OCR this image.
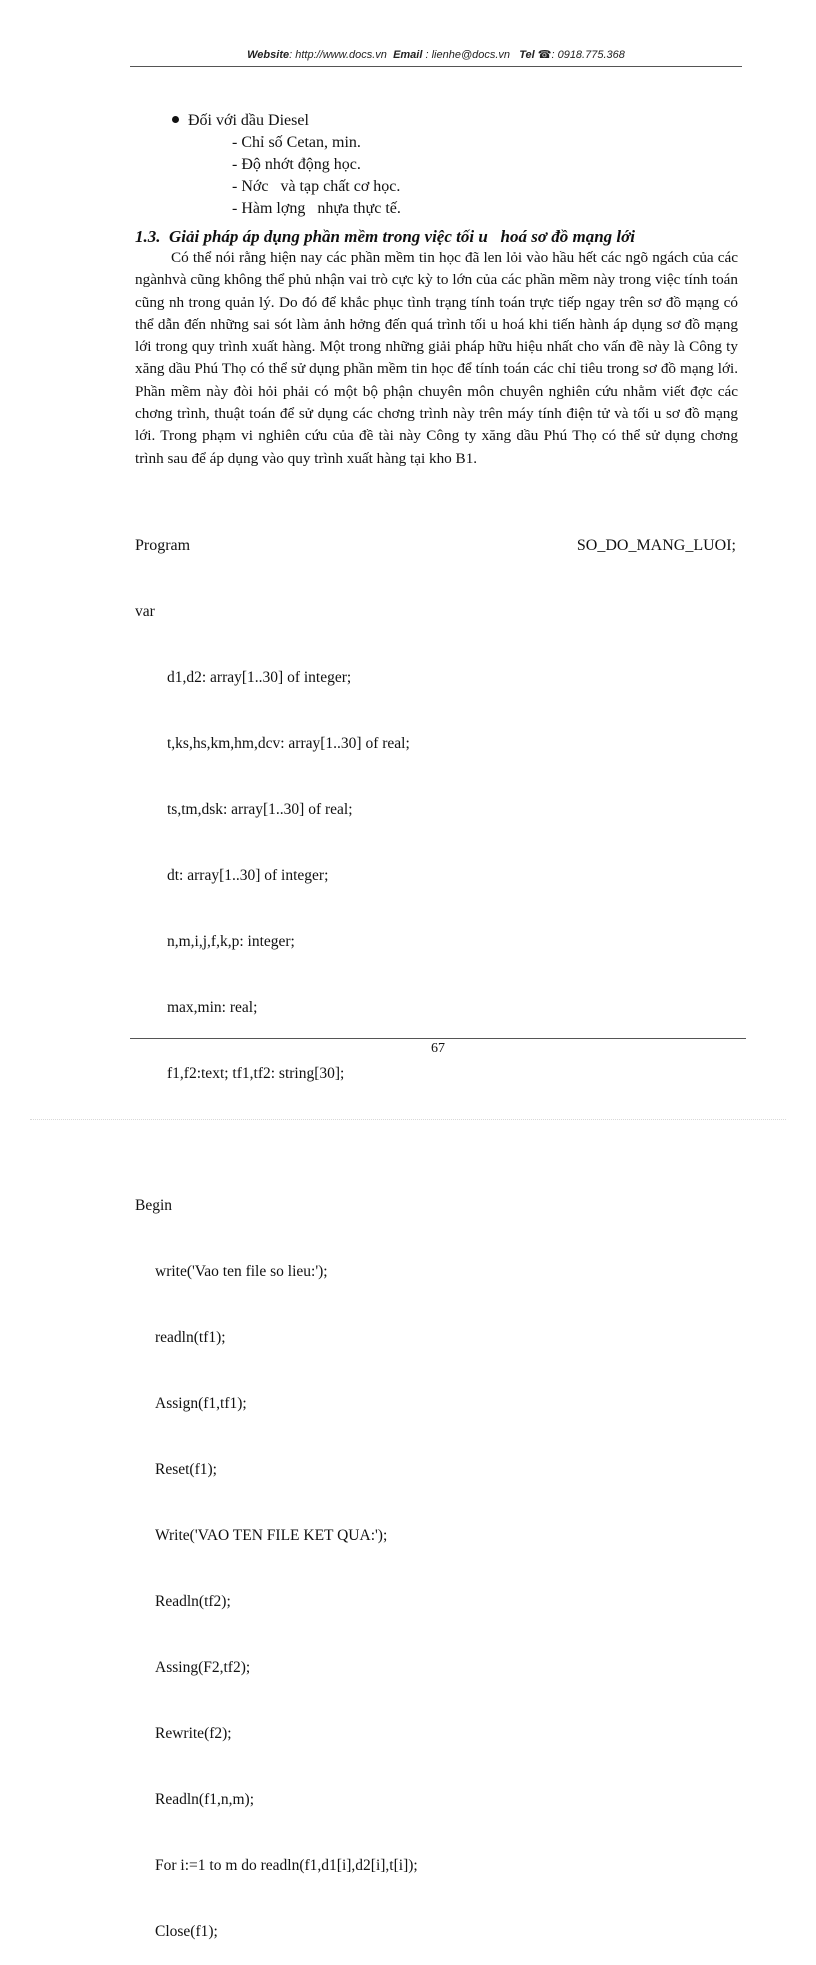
Website: http://www.docs.vn Email : lienhe@docs.vn Tel ☎: 0918.775.368
Đối với dầu Diesel
- Chỉ số Cetan, min.
- Độ nhớt động học.
- Nớc   và tạp chất cơ học.
- Hàm lợng   nhựa thực tế.
1.3.  Giải pháp áp dụng phần mềm trong việc tối u   hoá sơ đồ mạng lới
Có thể nói rằng hiện nay các phần mềm tin học đã len lỏi vào hầu hết các ngõ ngách của các ngànhvà cũng không thể phủ nhận vai trò cực kỳ to lớn của các phần mềm này trong việc tính toán cũng nh trong quản lý. Do đó để khắc phục tình trạng tính toán trực tiếp ngay trên sơ đồ mạng có thể dẫn đến những sai sót làm ảnh hởng đến quá trình tối u hoá khi tiến hành áp dụng sơ đồ mạng lới trong quy trình xuất hàng. Một trong những giải pháp hữu hiệu nhất cho vấn đề này là Công ty xăng dầu Phú Thọ có thể sử dụng phần mềm tin học để tính toán các chỉ tiêu trong sơ đồ mạng lới. Phần mềm này đòi hỏi phải có một bộ phận chuyên môn chuyên nghiên cứu nhằm viết đợc các chơng trình, thuật toán để sử dụng các chơng trình này trên máy tính điện tử và tối u sơ đồ mạng lới. Trong phạm vi nghiên cứu của đề tài này Công ty xăng dầu Phú Thọ có thể sử dụng chơng trình sau để áp dụng vào quy trình xuất hàng tại kho B1.
Program	SO_DO_MANG_LUOI;

var

d1,d2: array[1..30] of integer;

t,ks,hs,km,hm,dcv: array[1..30] of real;

ts,tm,dsk: array[1..30] of real;

dt: array[1..30] of integer;

n,m,i,j,f,k,p: integer;

max,min: real;

f1,f2:text; tf1,tf2: string[30];

Begin

write('Vao ten file so lieu:');

readln(tf1);

Assign(f1,tf1);

Reset(f1);

Write('VAO TEN FILE KET QUA:');

Readln(tf2);

Assing(F2,tf2);

Rewrite(f2);

Readln(f1,n,m);

For i:=1 to m do readln(f1,d1[i],d2[i],t[i]);

Close(f1);

67
